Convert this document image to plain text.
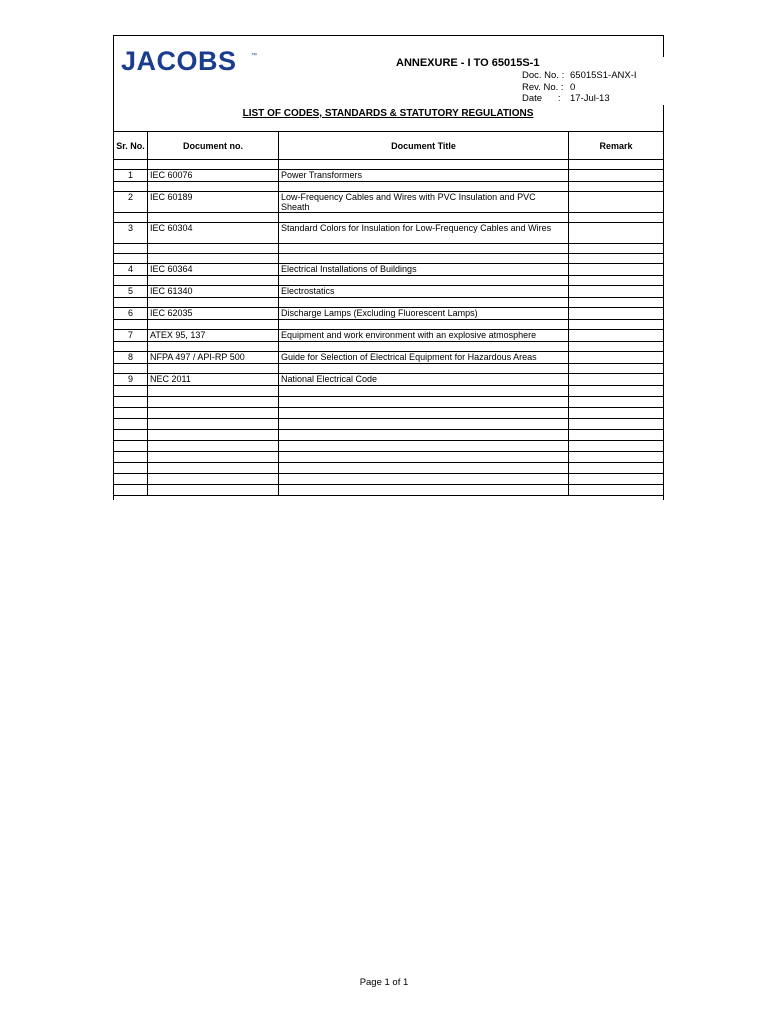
JACOBS ™
ANNEXURE - I TO 65015S-1
Doc. No. : 65015S1-ANX-I
Rev. No. : 0
Date      : 17-Jul-13
LIST OF CODES, STANDARDS & STATUTORY REGULATIONS
Sr. No.	Document no.	Document Title	Remark

1	IEC 60076	Power Transformers	

2	IEC 60189	Low-Frequency Cables and Wires with PVC Insulation and PVC Sheath	

3	IEC 60304	Standard Colors for Insulation for Low-Frequency Cables and Wires	

4	IEC 60364	Electrical Installations of Buildings	

5	IEC 61340	Electrostatics	

6	IEC 62035	Discharge Lamps (Excluding Fluorescent Lamps)	

7	ATEX 95, 137	Equipment and work environment with an explosive atmosphere	

8	NFPA 497 / API-RP 500	Guide for Selection of Electrical Equipment for Hazardous Areas	

9	NEC 2011	National Electrical Code	

Page 1 of 1
